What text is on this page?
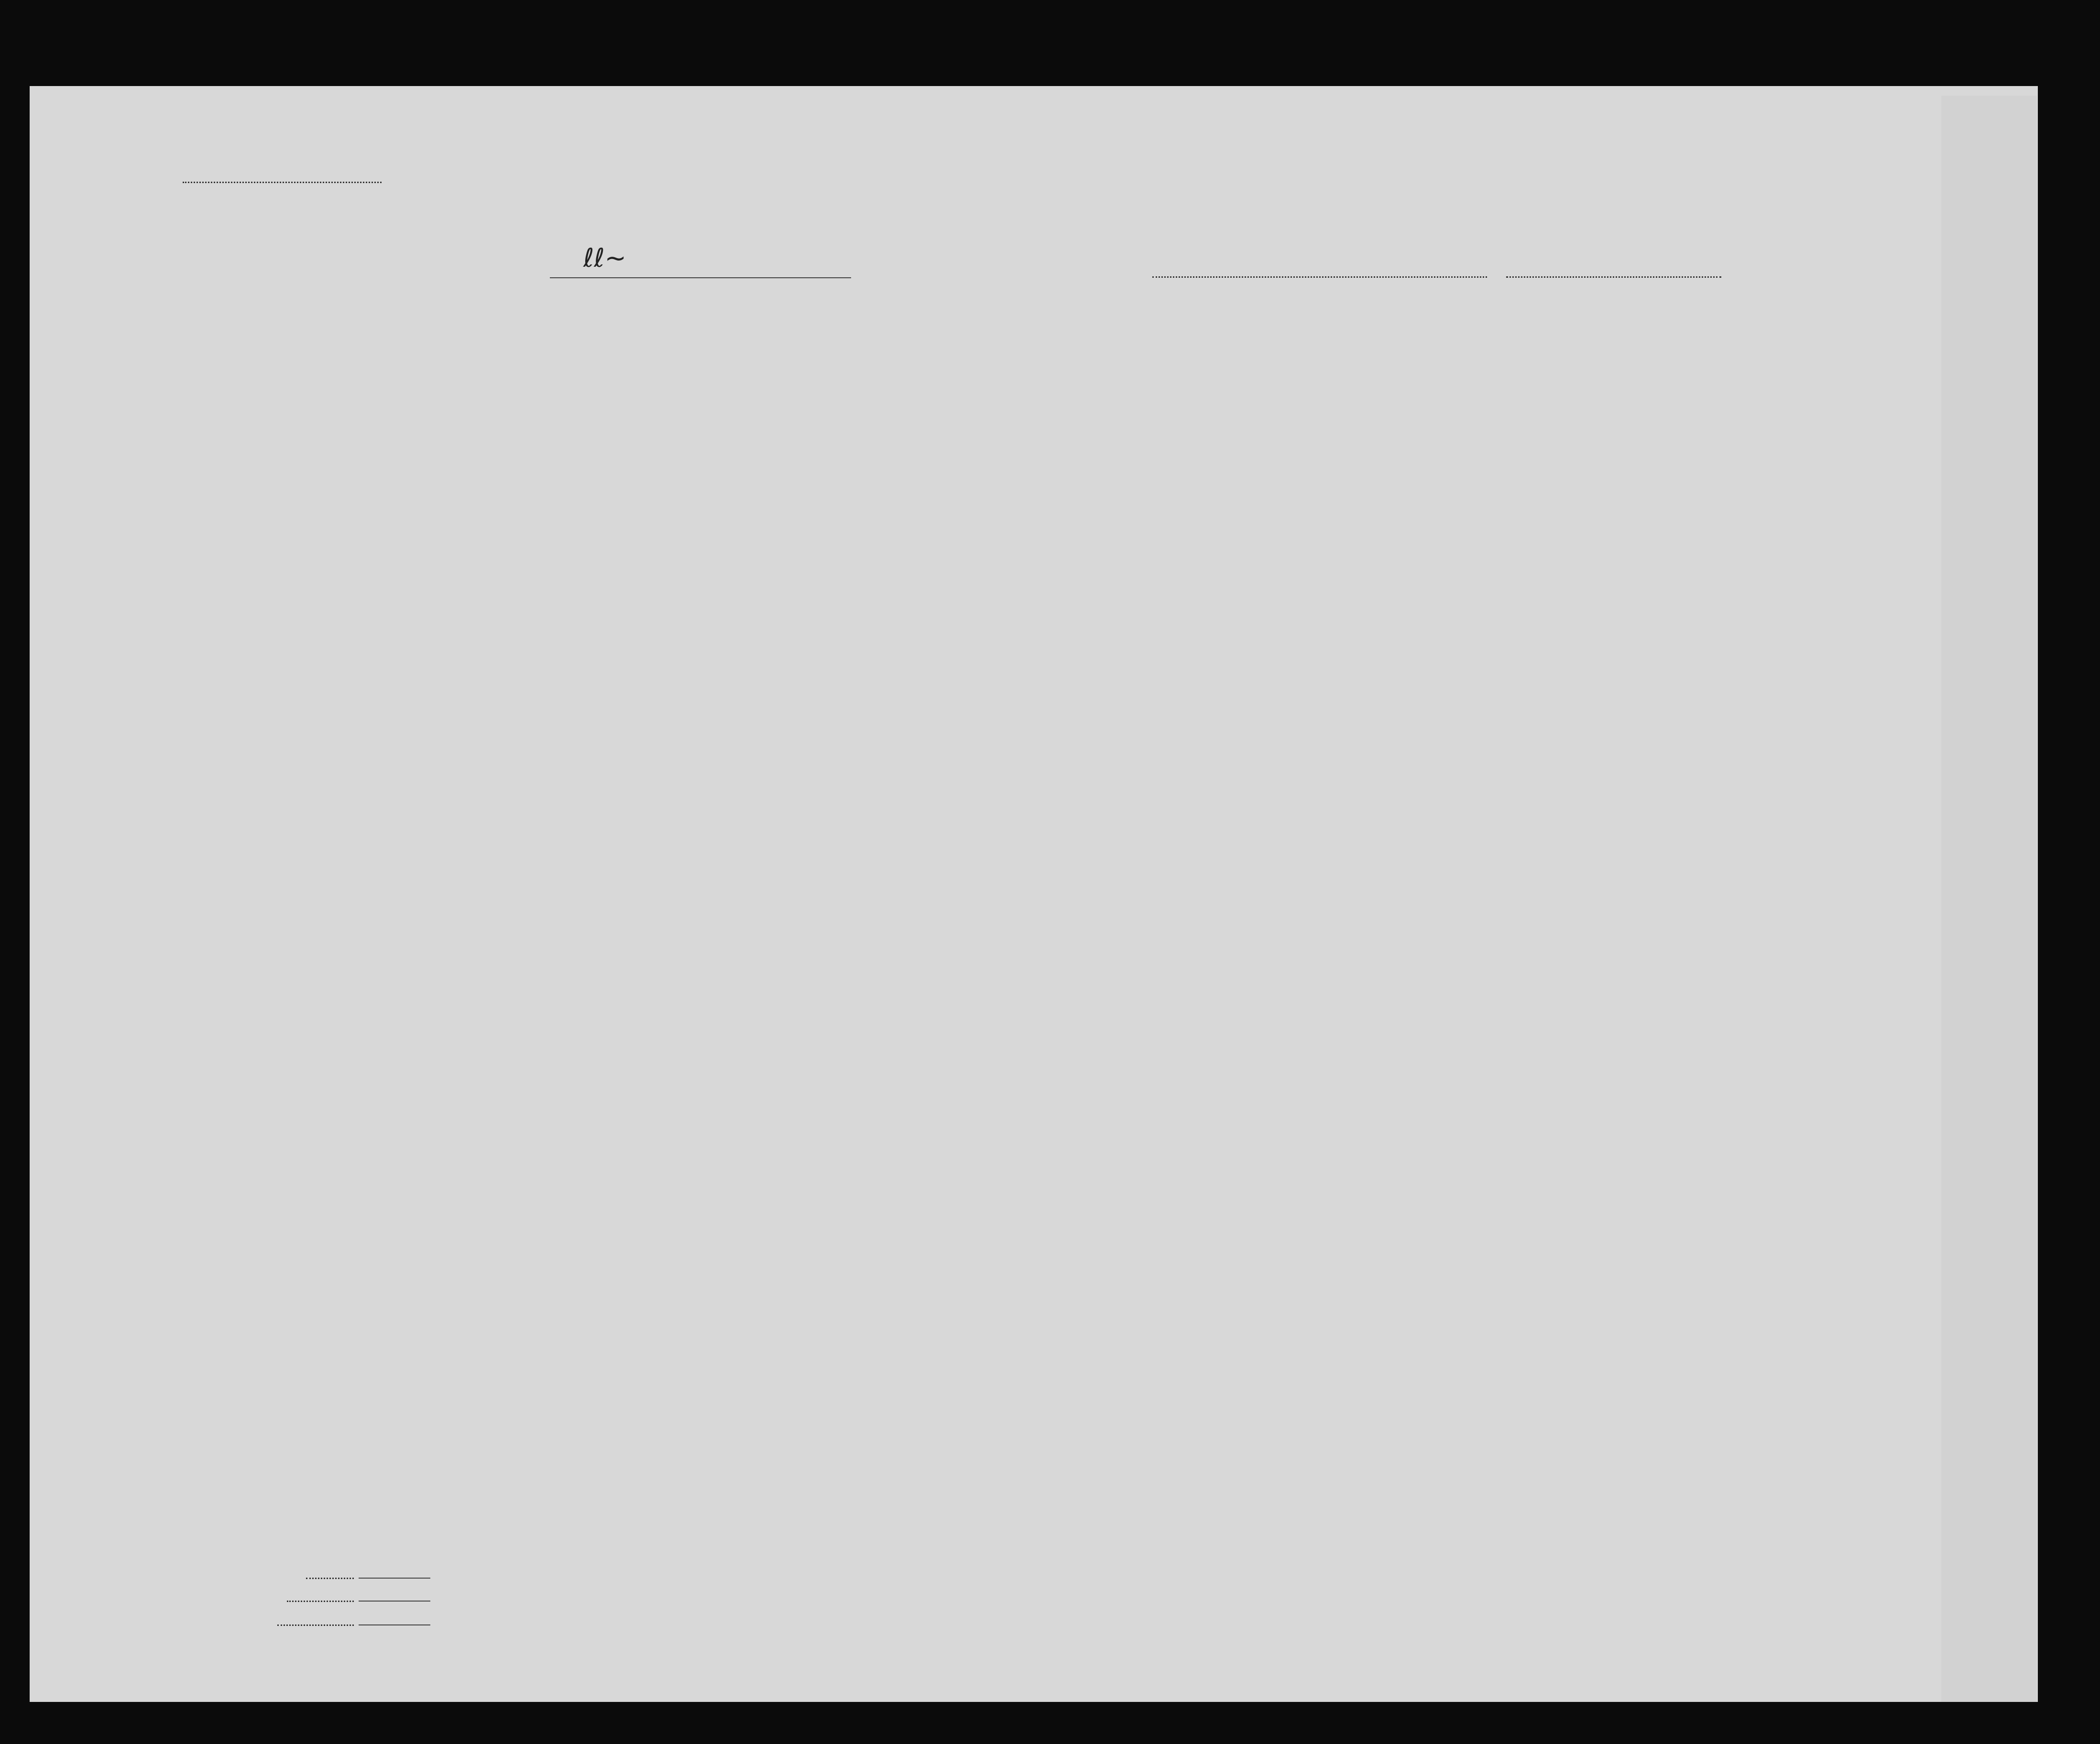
ℓℓ∼
